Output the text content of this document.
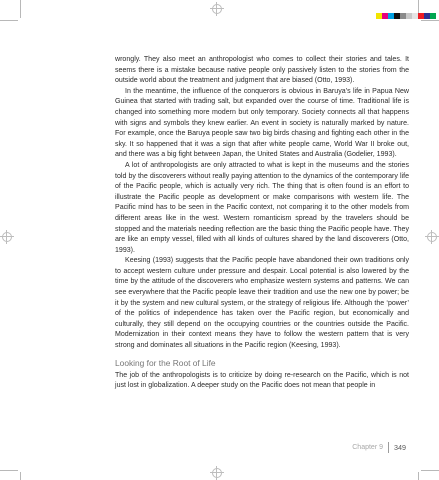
wrongly. They also meet an anthropologist who comes to collect their stories and tales. It seems there is a mistake because native people only passively listen to the stories from the outside world about the treatment and judgment that are biased (Otto, 1993).

In the meantime, the influence of the conquerors is obvious in Baruya’s life in Papua New Guinea that started with trading salt, but expanded over the course of time. Traditional life is changed into something more modern but only temporary. Society connects all that happens with signs and symbols they knew earlier. An event in society is naturally marked by nature. For example, once the Baruya people saw two big birds chasing and fighting each other in the sky. It so happened that it was a sign that after white people came, World War II broke out, and there was a big fight between Japan, the United States and Australia (Godelier, 1993).

A lot of anthropologists are only attracted to what is kept in the museums and the stories told by the discoverers without really paying attention to the dynamics of the contemporary life of the Pacific people, which is actually very rich. The thing that is often found is an effort to illustrate the Pacific people as development or make comparisons with western life. The Pacific mind has to be seen in the Pacific context, not comparing it to the other models from different areas like in the west. Western romanticism spread by the travelers should be stopped and the materials needing reflection are the basic thing the Pacific people have. They are like an empty vessel, filled with all kinds of cultures shared by the land discoverers (Otto, 1993).

Keesing (1993) suggests that the Pacific people have abandoned their own traditions only to accept western culture under pressure and despair. Local potential is also lowered by the time by the attitude of the discoverers who emphasize western systems and patterns. We can see everywhere that the Pacific people leave their tradition and use the new one by power; be it by the system and new cultural system, or the strategy of religious life. Although the ‘power’ of the politics of independence has taken over the Pacific region, but economically and culturally, they still depend on the occupying countries or the countries outside the Pacific. Modernization in their context means they have to follow the western pattern that is very strong and dominates all situations in the Pacific region (Keesing, 1993).

Looking for the Root of Life

The job of the anthropologists is to criticize by doing re-research on the Pacific, which is not just lost in globalization. A deeper study on the Pacific does not mean that people in

Chapter 9 349
